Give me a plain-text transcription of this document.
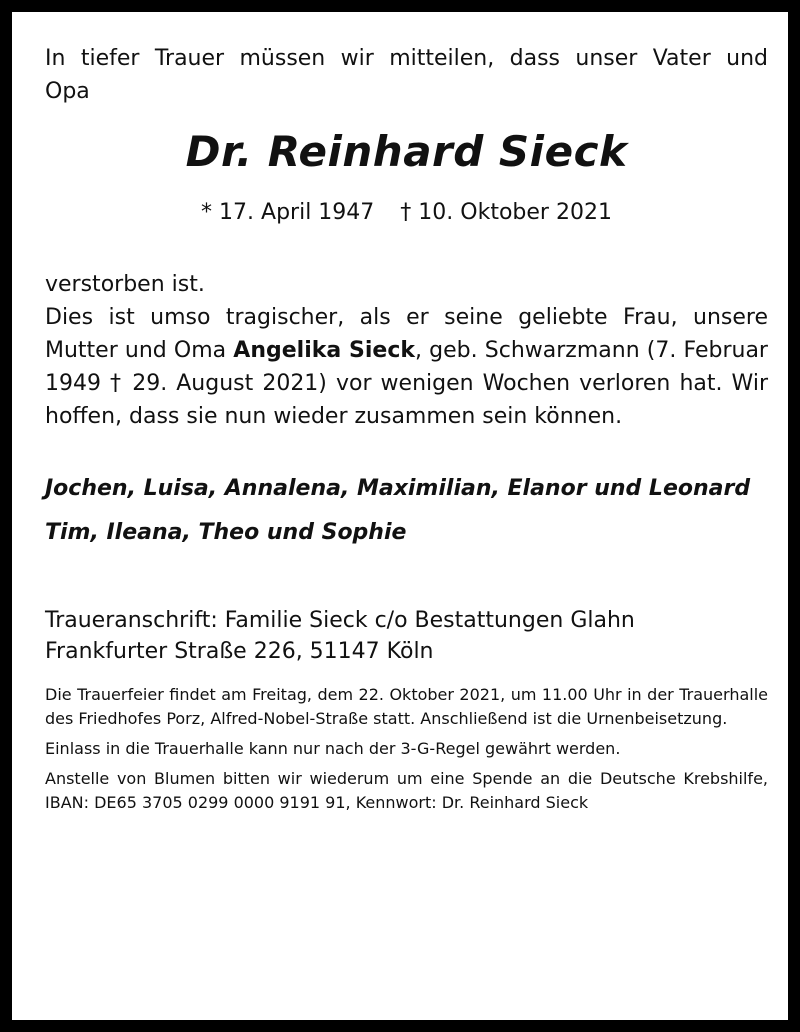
In tiefer Trauer müssen wir mitteilen, dass unser Vater und Opa

Dr. Reinhard Sieck
* 17. April 1947 † 10. Oktober 2021

verstorben ist.

Dies ist umso tragischer, als er seine geliebte Frau, unsere Mutter und Oma Angelika Sieck, geb. Schwarzmann (7. Februar 1949 † 29. August 2021) vor wenigen Wochen verloren hat. Wir hoffen, dass sie nun wieder zusammen sein können.

Jochen, Luisa, Annalena, Maximilian, Elanor und Leonard
Tim, Ileana, Theo und Sophie
Traueranschrift: Familie Sieck c/o Bestattungen Glahn
Frankfurter Straße 226, 51147 Köln

Die Trauerfeier findet am Freitag, dem 22. Oktober 2021, um 11.00 Uhr in der Trauerhalle des Friedhofes Porz, Alfred-Nobel-Straße statt. Anschließend ist die Urnenbeisetzung.

Einlass in die Trauerhalle kann nur nach der 3-G-Regel gewährt werden.

Anstelle von Blumen bitten wir wiederum um eine Spende an die Deutsche Krebshilfe, IBAN: DE65 3705 0299 0000 9191 91, Kennwort: Dr. Reinhard Sieck
